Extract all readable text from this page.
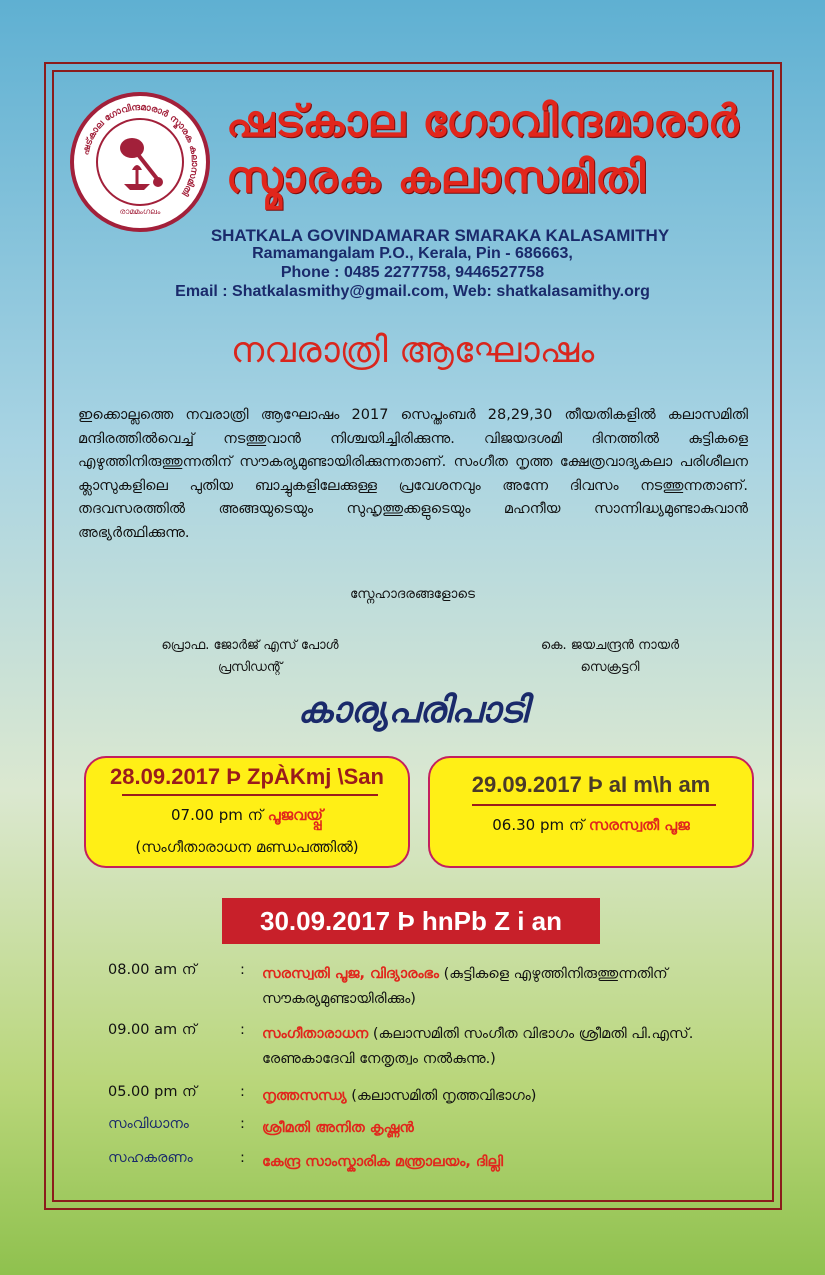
ഷട്കാല ഗോവിന്ദമാരാർ സ്മാരക കലാസമിതി
രാമമംഗലം
ഷട്കാല ഗോവിന്ദമാരാർ
സ്മാരക കലാസമിതി
SHATKALA GOVINDAMARAR SMARAKA KALASAMITHY
Ramamangalam P.O., Kerala, Pin - 686663,
Phone : 0485 2277758, 9446527758
Email : Shatkalasmithy@gmail.com, Web: shatkalasamithy.org
നവരാത്രി ആഘോഷം
ഇക്കൊല്ലത്തെ നവരാത്രി ആഘോഷം 2017 സെപ്തംബർ 28,29,30 തീയതികളിൽ കലാസമിതി മന്ദിരത്തിൽവെച്ച് നടത്തുവാൻ നിശ്ചയിച്ചിരിക്കുന്നു. വിജയദശമി ദിനത്തിൽ കുട്ടികളെ എഴുത്തിനിരുത്തുന്നതിന് സൗകര്യമുണ്ടായിരിക്കുന്നതാണ്. സംഗീത നൃത്ത ക്ഷേത്രവാദ്യകലാ പരിശീലന ക്ലാസുകളിലെ പുതിയ ബാച്ചുകളിലേക്കുള്ള പ്രവേശനവും അന്നേ ദിവസം നടത്തുന്നതാണ്. തദവസരത്തിൽ അങ്ങയുടെയും സുഹൃത്തുക്കളുടെയും മഹനീയ സാന്നിദ്ധ്യമുണ്ടാകുവാൻ അഭ്യർത്ഥിക്കുന്നു.
സ്നേഹാദരങ്ങളോടെ
പ്രൊഫ. ജോർജ് എസ് പോൾ
പ്രസിഡന്റ്
കെ. ജയചന്ദ്രൻ നായർ
സെക്രട്ടറി
കാര്യപരിപാടി
28.09.2017 Þ ZpÀKmj \San
07.00 pm ന് പൂജവയ്പ്പ്
(സംഗീതാരാധന മണ്ഡപത്തിൽ)
29.09.2017 Þ aI m\h am
06.30 pm ന് സരസ്വതീ പൂജ
30.09.2017 Þ hnPb Z i an
08.00 am ന്	: സരസ്വതി പൂജ, വിദ്യാരംഭം (കുട്ടികളെ എഴുത്തിനിരുത്തുന്നതിന് സൗകര്യമുണ്ടായിരിക്കും)
09.00 am ന്	: സംഗീതാരാധന (കലാസമിതി സംഗീത വിഭാഗം ശ്രീമതി പി.എസ്. രേണുകാദേവി നേതൃത്വം നൽകുന്നു.)
05.00 pm ന്	: നൃത്തസന്ധ്യ (കലാസമിതി നൃത്തവിഭാഗം)
സംവിധാനം	: ശ്രീമതി അനിത കൃഷ്ണൻ
സഹകരണം	: കേന്ദ്ര സാംസ്കാരിക മന്ത്രാലയം, ദില്ലി
